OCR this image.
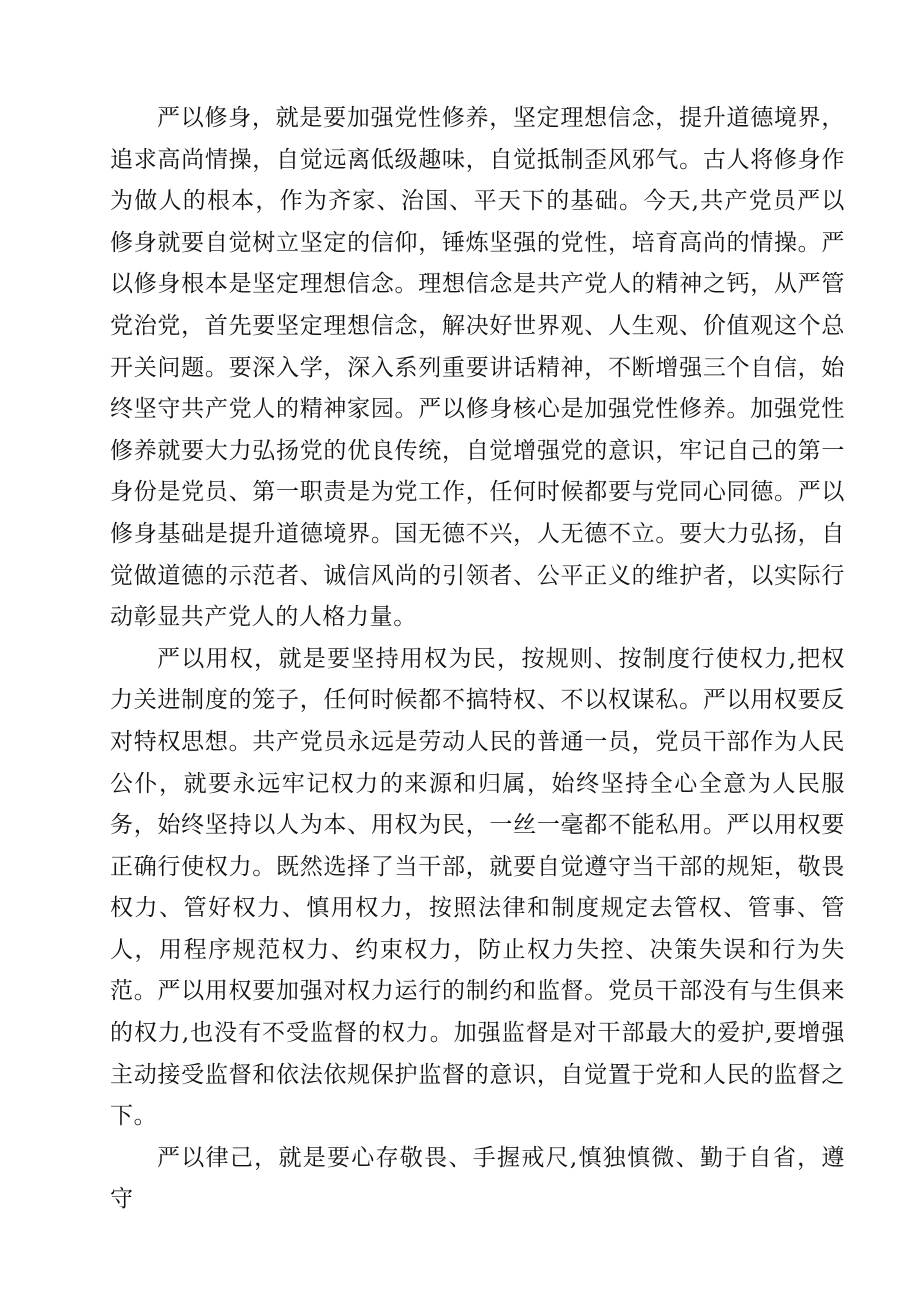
严以修身，就是要加强党性修养，坚定理想信念，提升道德境界，追求高尚情操，自觉远离低级趣味，自觉抵制歪风邪气。古人将修身作为做人的根本，作为齐家、治国、平天下的基础。今天,共产党员严以修身就要自觉树立坚定的信仰，锤炼坚强的党性，培育高尚的情操。严以修身根本是坚定理想信念。理想信念是共产党人的精神之钙，从严管党治党，首先要坚定理想信念，解决好世界观、人生观、价值观这个总开关问题。要深入学，深入系列重要讲话精神，不断增强三个自信，始终坚守共产党人的精神家园。严以修身核心是加强党性修养。加强党性修养就要大力弘扬党的优良传统，自觉增强党的意识，牢记自己的第一身份是党员、第一职责是为党工作，任何时候都要与党同心同德。严以修身基础是提升道德境界。国无德不兴，人无德不立。要大力弘扬，自觉做道德的示范者、诚信风尚的引领者、公平正义的维护者，以实际行动彰显共产党人的人格力量。

严以用权，就是要坚持用权为民，按规则、按制度行使权力,把权力关进制度的笼子，任何时候都不搞特权、不以权谋私。严以用权要反对特权思想。共产党员永远是劳动人民的普通一员，党员干部作为人民公仆，就要永远牢记权力的来源和归属，始终坚持全心全意为人民服务，始终坚持以人为本、用权为民，一丝一毫都不能私用。严以用权要正确行使权力。既然选择了当干部，就要自觉遵守当干部的规矩，敬畏权力、管好权力、慎用权力，按照法律和制度规定去管权、管事、管人，用程序规范权力、约束权力，防止权力失控、决策失误和行为失范。严以用权要加强对权力运行的制约和监督。党员干部没有与生俱来的权力,也没有不受监督的权力。加强监督是对干部最大的爱护,要增强主动接受监督和依法依规保护监督的意识，自觉置于党和人民的监督之下。

严以律己，就是要心存敬畏、手握戒尺,慎独慎微、勤于自省，遵守
